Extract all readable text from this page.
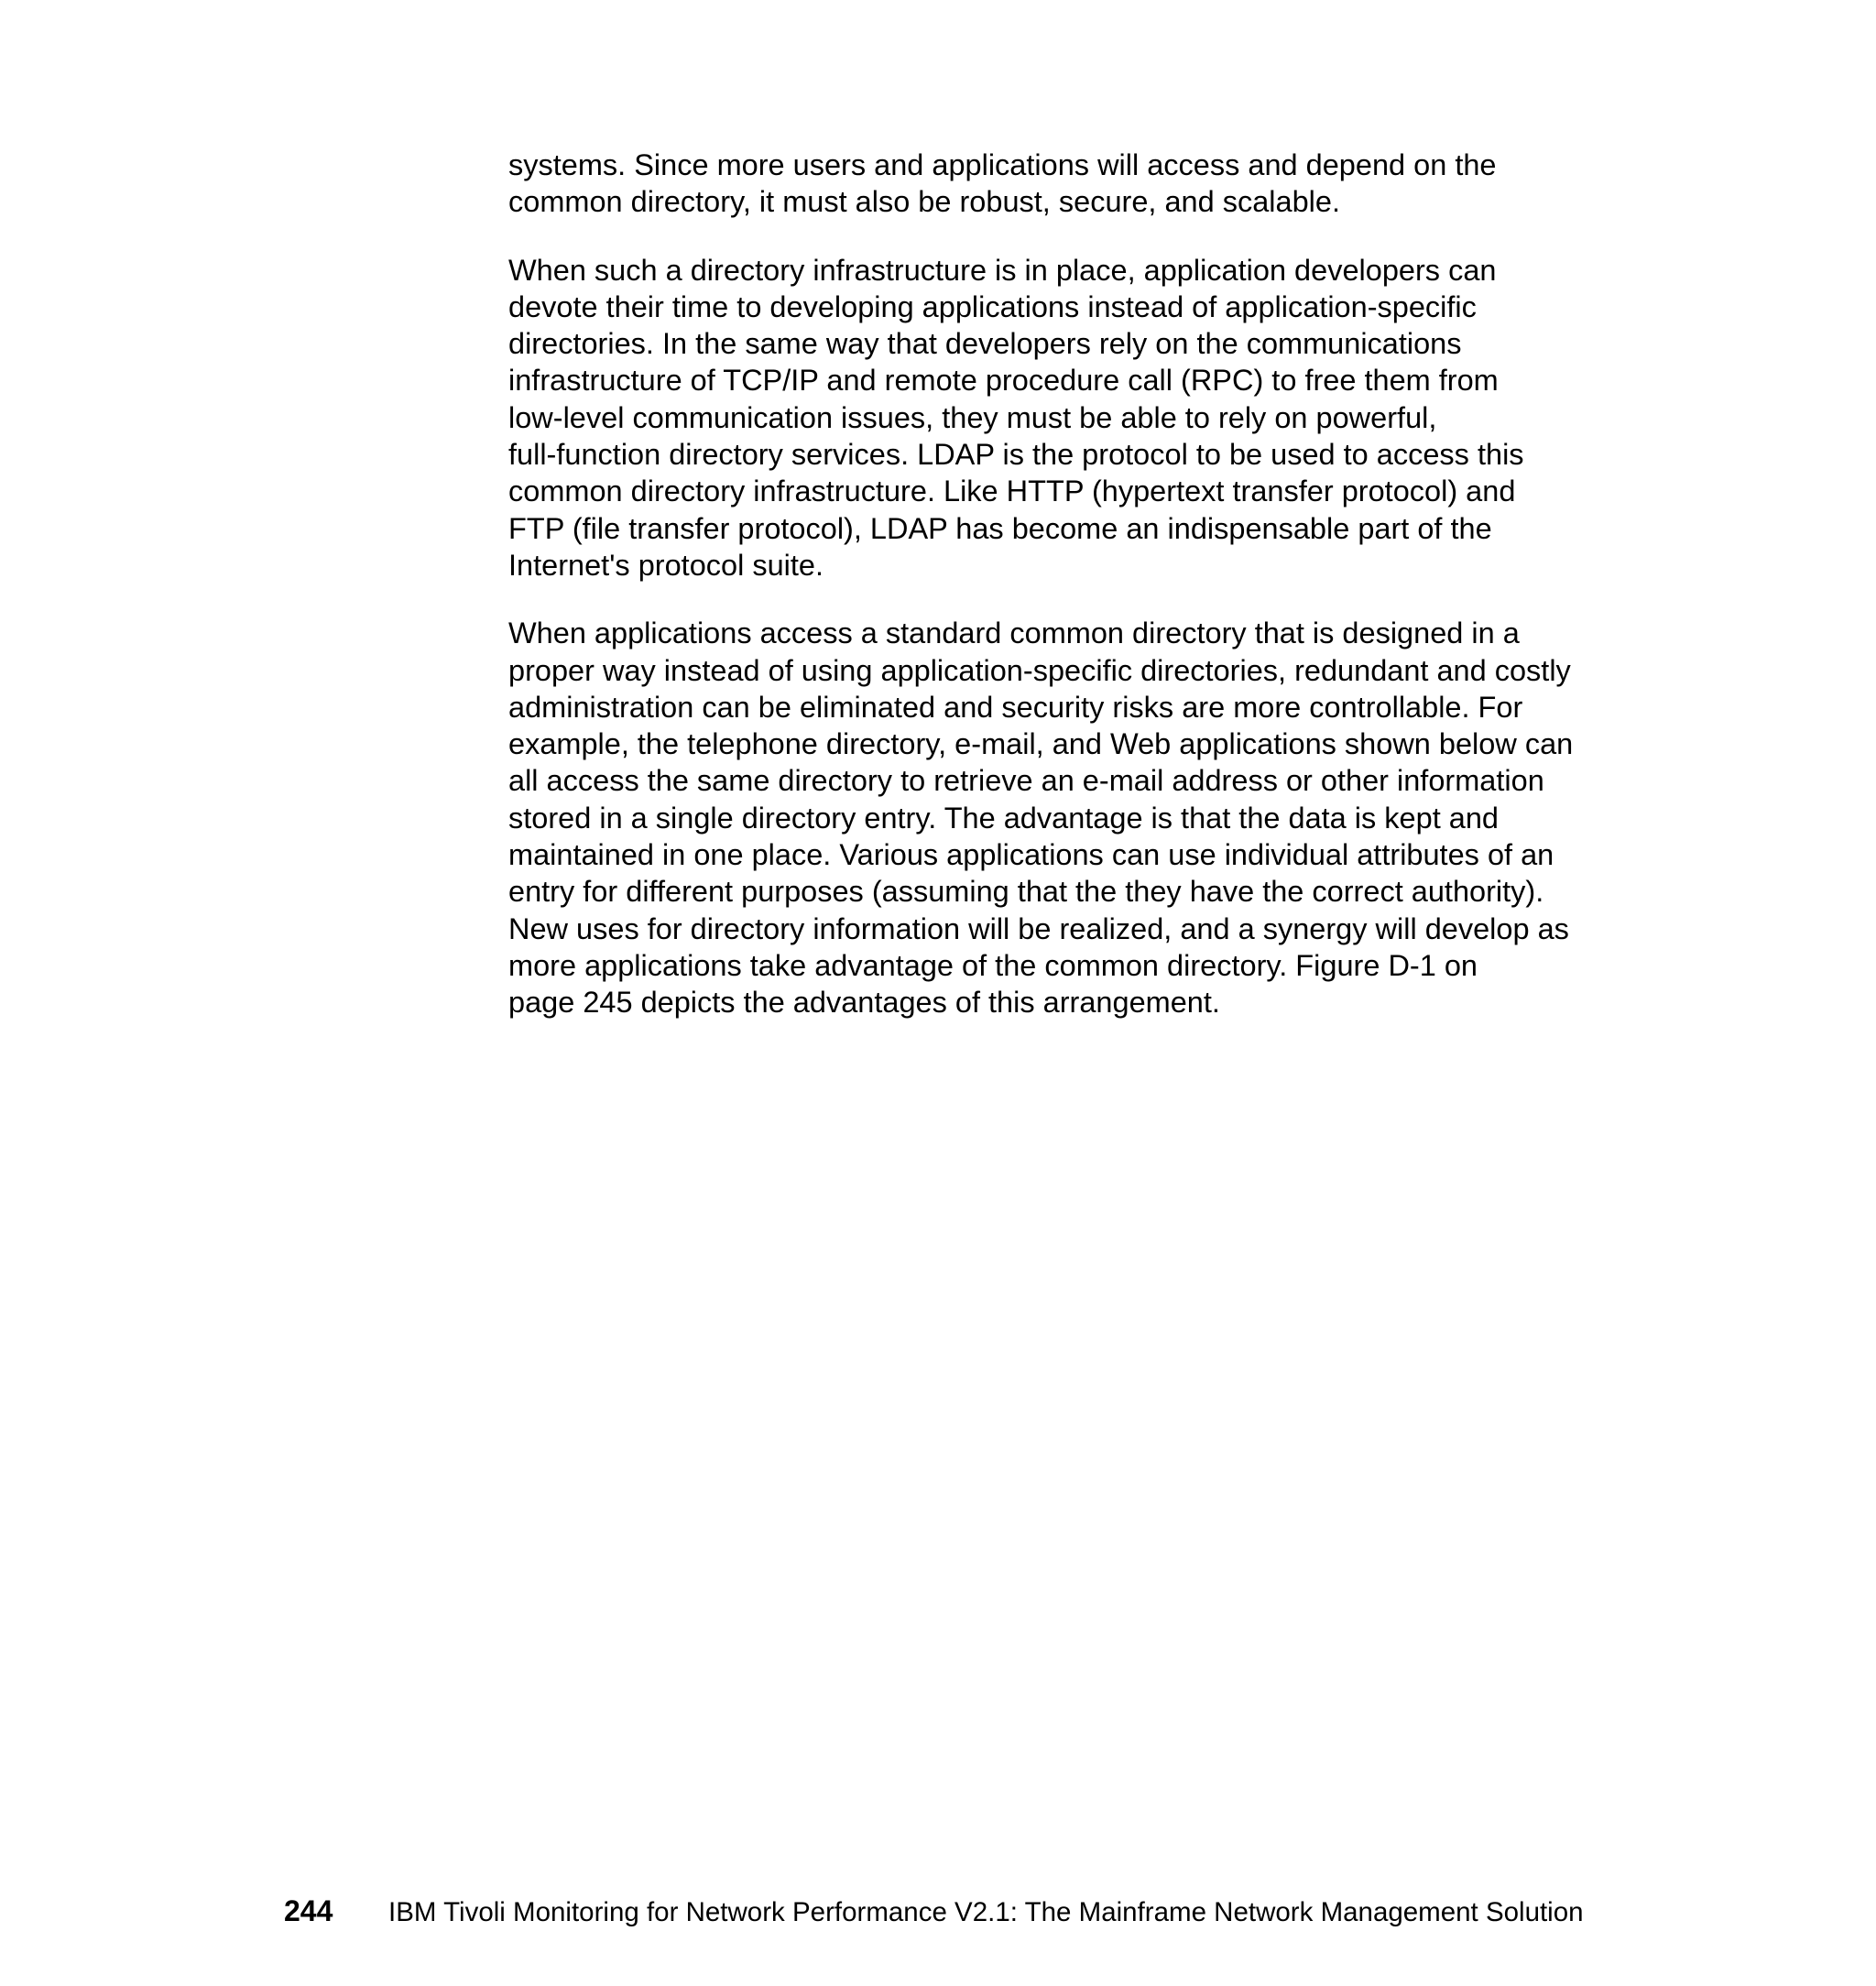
systems. Since more users and applications will access and depend on the
common directory, it must also be robust, secure, and scalable.

When such a directory infrastructure is in place, application developers can
devote their time to developing applications instead of application-specific
directories. In the same way that developers rely on the communications
infrastructure of TCP/IP and remote procedure call (RPC) to free them from
low-level communication issues, they must be able to rely on powerful,
full-function directory services. LDAP is the protocol to be used to access this
common directory infrastructure. Like HTTP (hypertext transfer protocol) and
FTP (file transfer protocol), LDAP has become an indispensable part of the
Internet's protocol suite.

When applications access a standard common directory that is designed in a
proper way instead of using application-specific directories, redundant and costly
administration can be eliminated and security risks are more controllable. For
example, the telephone directory, e-mail, and Web applications shown below can
all access the same directory to retrieve an e-mail address or other information
stored in a single directory entry. The advantage is that the data is kept and
maintained in one place. Various applications can use individual attributes of an
entry for different purposes (assuming that the they have the correct authority).
New uses for directory information will be realized, and a synergy will develop as
more applications take advantage of the common directory. Figure D-1 on
page 245 depicts the advantages of this arrangement.

244 IBM Tivoli Monitoring for Network Performance V2.1: The Mainframe Network Management Solution
